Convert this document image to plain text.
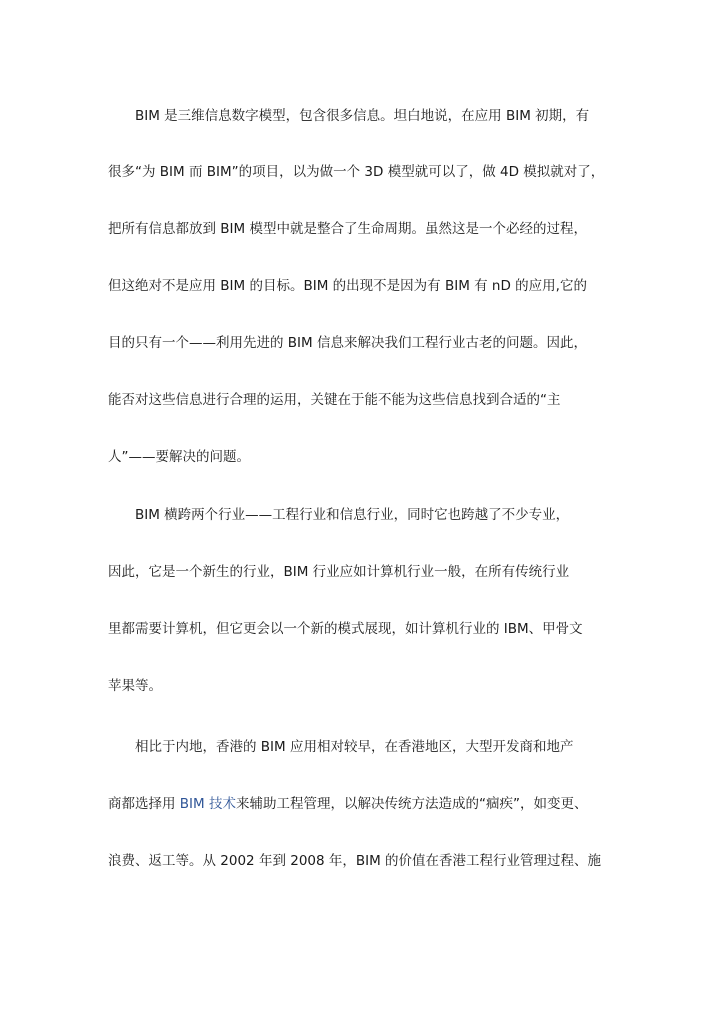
BIM 是三维信息数字模型，包含很多信息。坦白地说，在应用 BIM 初期，有
很多“为 BIM 而 BIM”的项目，以为做一个 3D 模型就可以了，做 4D 模拟就对了，
把所有信息都放到 BIM 模型中就是整合了生命周期。虽然这是一个必经的过程，
但这绝对不是应用 BIM 的目标。BIM 的出现不是因为有 BIM 有 nD 的应用,它的
目的只有一个——利用先进的 BIM 信息来解决我们工程行业古老的问题。因此，
能否对这些信息进行合理的运用，关键在于能不能为这些信息找到合适的“主
人”——要解决的问题。
BIM 横跨两个行业——工程行业和信息行业，同时它也跨越了不少专业，
因此，它是一个新生的行业，BIM 行业应如计算机行业一般，在所有传统行业
里都需要计算机，但它更会以一个新的模式展现，如计算机行业的 IBM、甲骨文
苹果等。
相比于内地，香港的 BIM 应用相对较早，在香港地区，大型开发商和地产
商都选择用 BIM 技术来辅助工程管理，以解决传统方法造成的“痼疾”，如变更、
浪费、返工等。从 2002 年到 2008 年，BIM 的价值在香港工程行业管理过程、施
